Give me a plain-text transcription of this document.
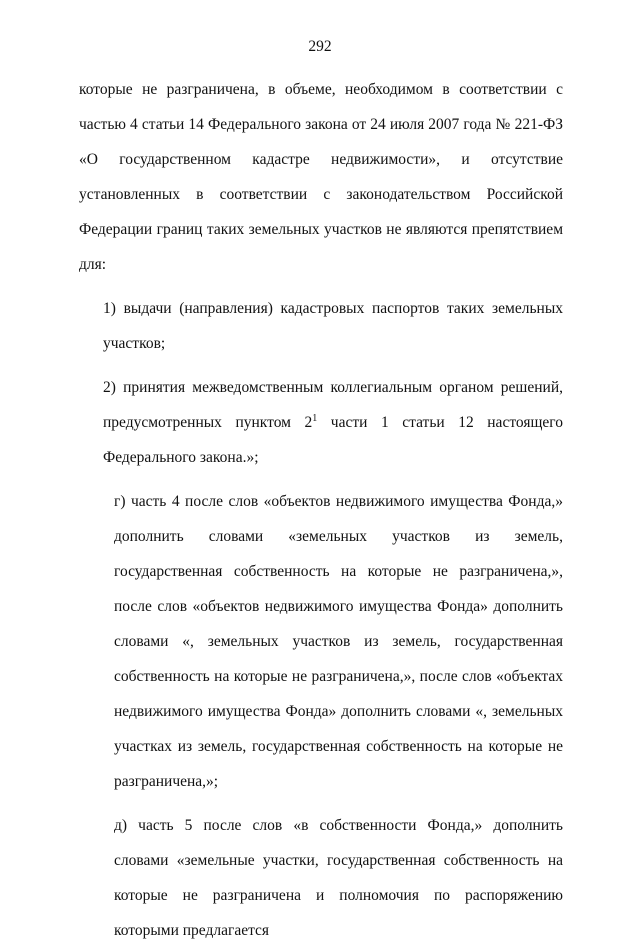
292

которые не разграничена, в объеме, необходимом в соответствии с частью 4 статьи 14 Федерального закона от 24 июля 2007 года № 221-ФЗ «О государственном кадастре недвижимости», и отсутствие установленных в соответствии с законодательством Российской Федерации границ таких земельных участков не являются препятствием для:

1) выдачи (направления) кадастровых паспортов таких земельных участков;

2) принятия межведомственным коллегиальным органом решений, предусмотренных пунктом $2^1$ части 1 статьи 12 настоящего Федерального закона.»;

г) часть 4 после слов «объектов недвижимого имущества Фонда,» дополнить словами «земельных участков из земель, государственная собственность на которые не разграничена,», после слов «объектов недвижимого имущества Фонда» дополнить словами «, земельных участков из земель, государственная собственность на которые не разграничена,», после слов «объектах недвижимого имущества Фонда» дополнить словами «, земельных участках из земель, государственная собственность на которые не разграничена,»;

д) часть 5 после слов «в собственности Фонда,» дополнить словами «земельные участки, государственная собственность на которые не разграничена и полномочия по распоряжению которыми предлагается
